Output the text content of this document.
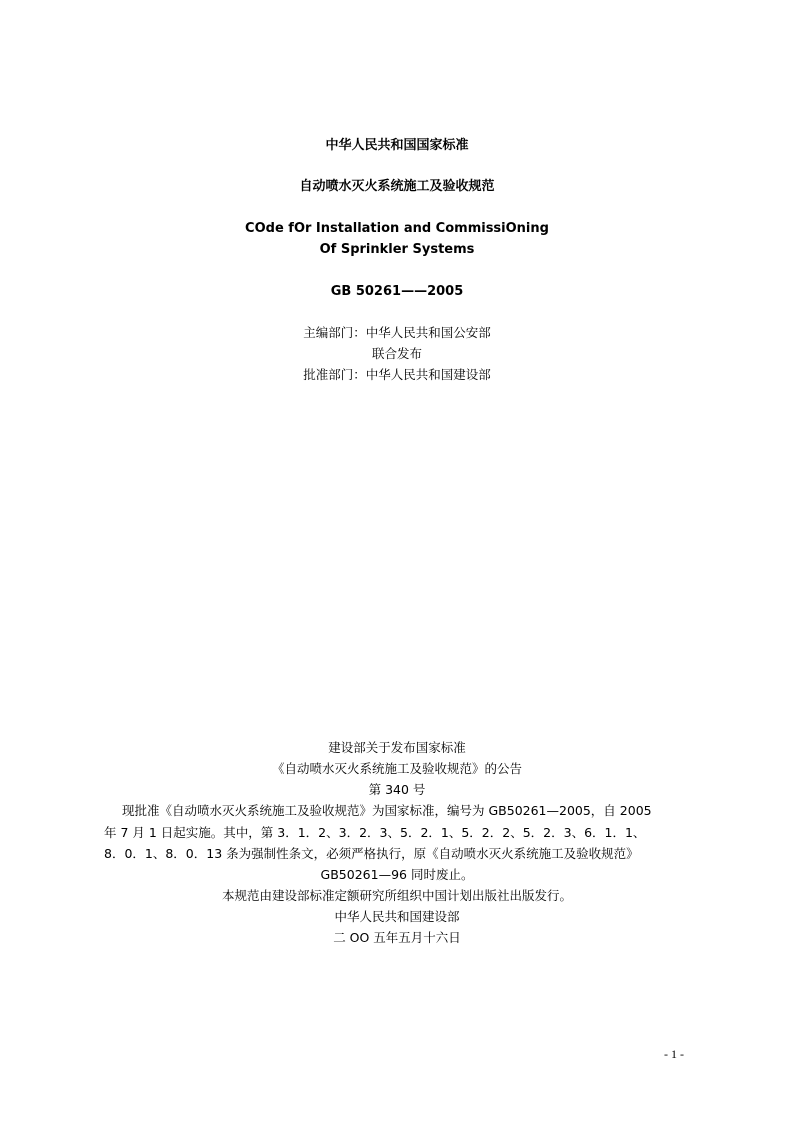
中华人民共和国国家标准
自动喷水灭火系统施工及验收规范
COde fOr Installation and CommissiOning
Of Sprinkler Systems
GB 50261——2005
主编部门：中华人民共和国公安部
联合发布
批准部门：中华人民共和国建设部
建设部关于发布国家标准
《自动喷水灭火系统施工及验收规范》的公告
第 340 号
现批准《自动喷水灭火系统施工及验收规范》为国家标准，编号为 GB50261—2005，自 2005
年 7 月 1 日起实施。其中，第 3．1．2、3．2．3、5．2．1、5．2．2、5．2．3、6．1．1、
8．0．1、8．0．13 条为强制性条文，必须严格执行，原《自动喷水灭火系统施工及验收规范》
GB50261—96 同时废止。
本规范由建设部标准定额研究所组织中国计划出版社出版发行。
中华人民共和国建设部
二 OO 五年五月十六日
- 1 -
